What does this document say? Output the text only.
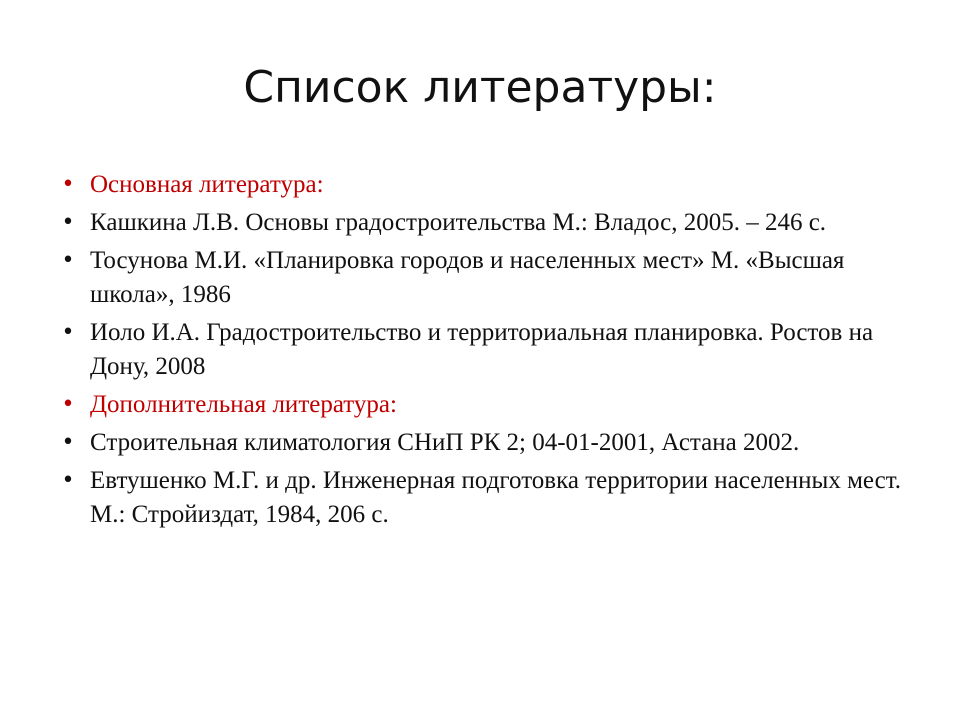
Список литературы:
• Основная литература:
• Кашкина Л.В. Основы градостроительства М.: Владос, 2005. – 246 с.
• Тосунова М.И. «Планировка городов и населенных мест» М. «Высшая школа», 1986
• Иоло И.А. Градостроительство и территориальная планировка. Ростов на Дону, 2008
• Дополнительная литература:
• Строительная климатология СНиП РК 2; 04-01-2001, Астана 2002.
• Евтушенко М.Г. и др. Инженерная подготовка территории населенных мест. М.: Стройиздат, 1984, 206 с.
